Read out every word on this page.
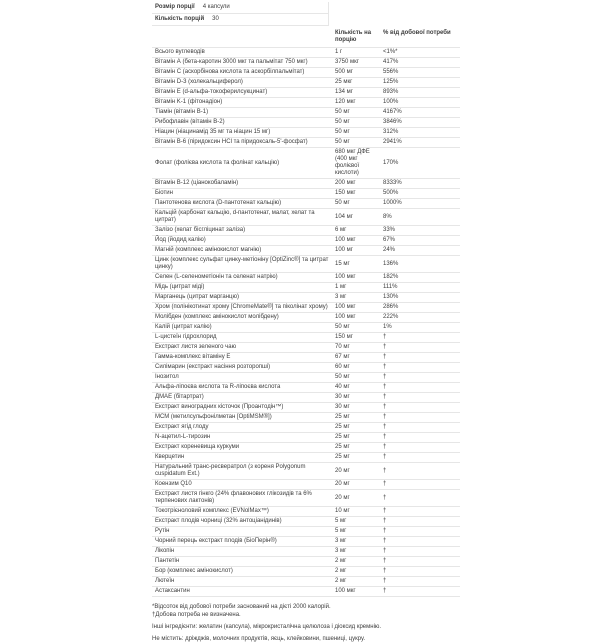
Розмір порції 4 капсули
Кількість порцій 30
Кількість на порцію
% від добової потреби
Всього вуглеводів	1 г	<1%*
Вітамін А (бета-каротин 3000 мкг та пальмітат 750 мкг)	3750 мкг	417%
Вітамін C (аскорбінова кислота та аскорбілпальмітат)	500 мг	556%
Вітамін D-3 (холекальциферол)	25 мкг	125%
Вітамін E (d-альфа-токоферилсукцинат)	134 мг	893%
Вітамін K-1 (фітонадіон)	120 мкг	100%
Тіамін (вітамін B-1)	50 мг	4167%
Рибофлавін (вітамін B-2)	50 мг	3846%
Ніацин (ніацинамід 35 мг та ніацин 15 мг)	50 мг	312%
Вітамін B-6 (піридоксин HCl та піридоксаль-5'-фосфат)	50 мг	2941%
Фолат (фолієва кислота та фолінат кальцію)	680 мкг ДФЕ (400 мкг фолієвої кислоти)	170%
Вітамін B-12 (ціанокобаламін)	200 мкг	8333%
Біотин	150 мкг	500%
Пантотенова кислота (D-пантотенат кальцію)	50 мг	1000%
Кальцій (карбонат кальцію, d-пантотенат, малат, хелат та цитрат)	104 мг	8%
Залізо (хелат бісгліцинат заліза)	6 мг	33%
Йод (йодид калію)	100 мкг	67%
Магній (комплекс амінокислот магнію)	100 мг	24%
Цинк (комплекс сульфат цинку-метіоніну [OptiZinc®] та цитрат цинку)	15 мг	136%
Селен (L-селенометіонін та селенат натрію)	100 мкг	182%
Мідь (цитрат міді)	1 мг	111%
Марганець (цитрат марганцю)	3 мг	130%
Хром (полінікотинат хрому [ChromeMate®] та піколінат хрому)	100 мкг	286%
Молібден (комплекс амінокислот молібдену)	100 мкг	222%
Калій (цитрат калію)	50 мг	1%
L-цистеїн гідрохлорид	150 мг	†
Екстракт листя зеленого чаю	70 мг	†
Гамма-комплекс вітаміну E	67 мг	†
Силімарин (екстракт насіння розторопші)	60 мг	†
Інозитол	50 мг	†
Альфа-ліпоєва кислота та R-ліпоєва кислота	40 мг	†
ДМАЕ (бітартрат)	30 мг	†
Екстракт виноградних кісточок (Проантодін™)	30 мг	†
МСМ (метилсульфонілметан [OptiMSM®])	25 мг	†
Екстракт ягід глоду	25 мг	†
N-ацетил-L-тирозин	25 мг	†
Екстракт кореневища куркуми	25 мг	†
Кверцетин	25 мг	†
Натуральний транс-ресвератрол (з кореня Polygonum cuspidatum Ext.)	20 мг	†
Коензим Q10	20 мг	†
Екстракт листя гінкго (24% флавонових глікозидів та 6% терпенових лактонів)	20 мг	†
Токотрієноловий комплекс (EVNolMax™)	10 мг	†
Екстракт плодів чорниці (32% антоціанідинів)	5 мг	†
Рутін	5 мг	†
Чорний перець екстракт плодів (БіоПерін®)	3 мг	†
Лікопін	3 мг	†
Пантетін	2 мг	†
Бор (комплекс амінокислот)	2 мг	†
Лютеїн	2 мг	†
Астаксантин	100 мкг	†

*Відсоток від добової потреби заснований на дієті 2000 калорій.

†Добова потреба не визначена.

Інші інгредієнти: желатин (капсула), мікрокристалічна целюлоза і діоксид кремнію.

Не містить: дріжджів, молочних продуктів, яєць, клейковини, пшениці, цукру.
